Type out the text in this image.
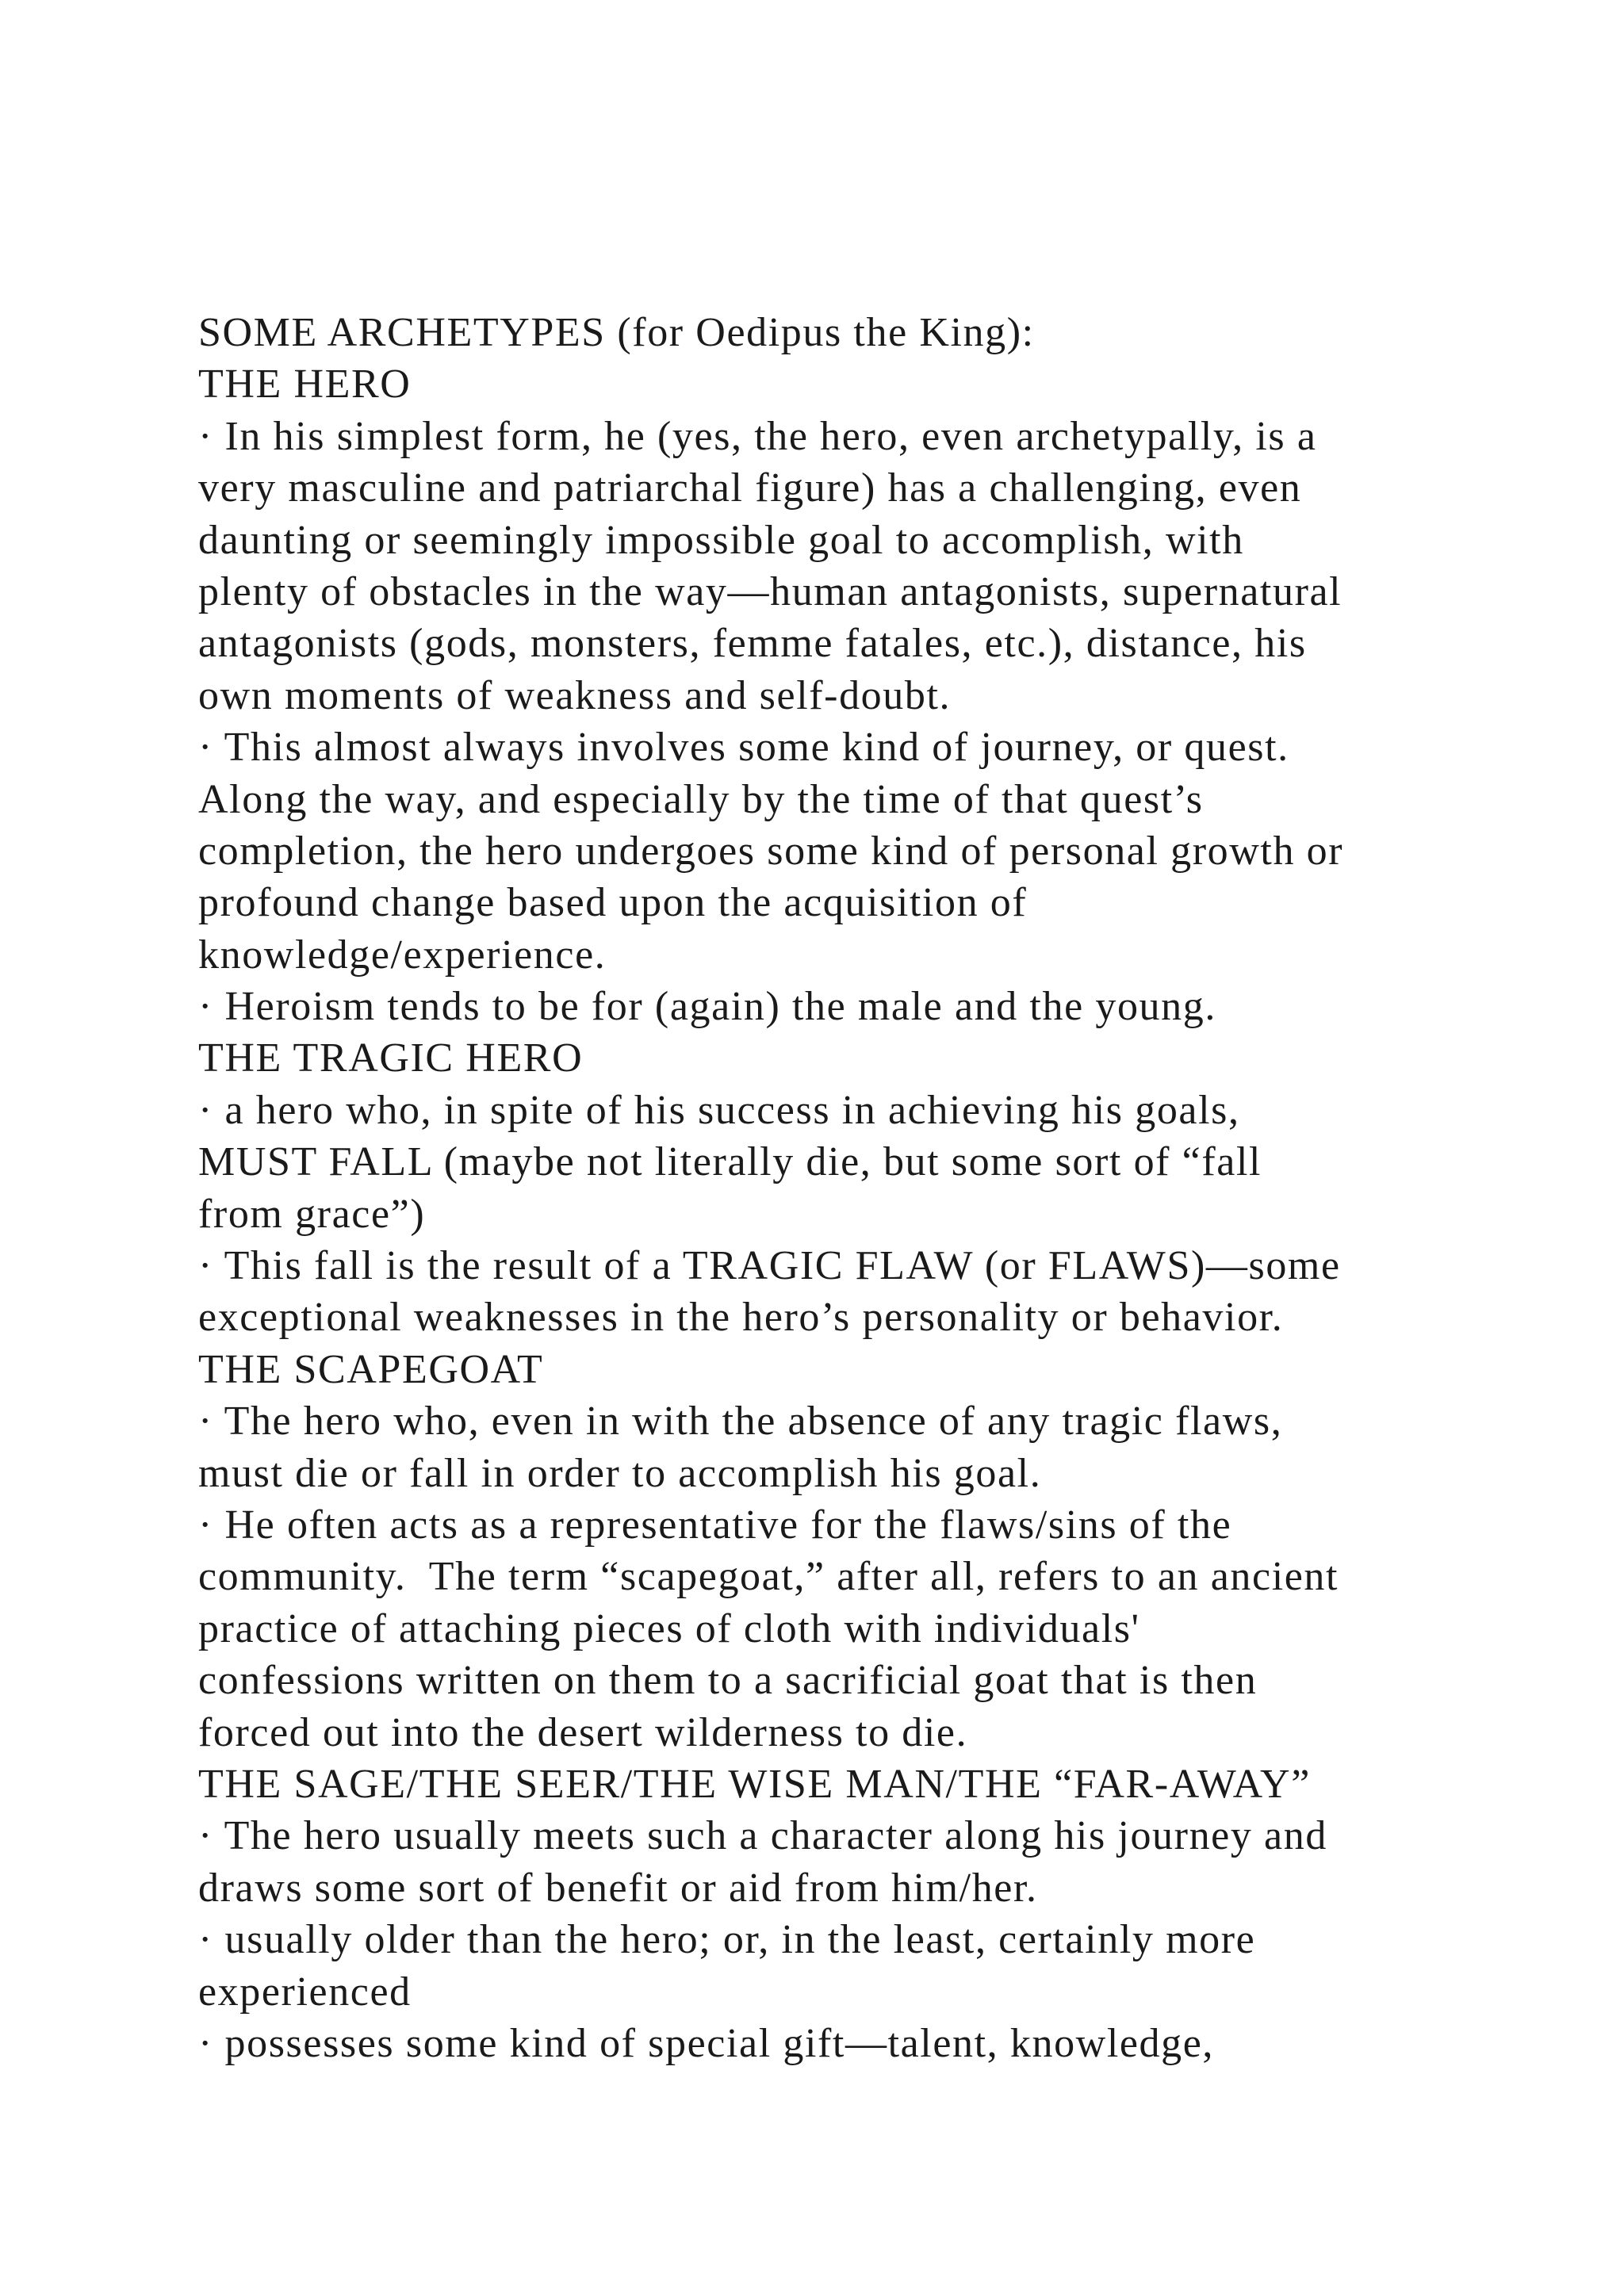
SOME ARCHETYPES (for Oedipus the King):
THE HERO
· In his simplest form, he (yes, the hero, even archetypally, is a
very masculine and patriarchal figure) has a challenging, even
daunting or seemingly impossible goal to accomplish, with
plenty of obstacles in the way—human antagonists, supernatural
antagonists (gods, monsters, femme fatales, etc.), distance, his
own moments of weakness and self-doubt.
· This almost always involves some kind of journey, or quest.
Along the way, and especially by the time of that quest’s
completion, the hero undergoes some kind of personal growth or
profound change based upon the acquisition of
knowledge/experience.
· Heroism tends to be for (again) the male and the young.
THE TRAGIC HERO
· a hero who, in spite of his success in achieving his goals,
MUST FALL (maybe not literally die, but some sort of “fall
from grace”)
· This fall is the result of a TRAGIC FLAW (or FLAWS)—some
exceptional weaknesses in the hero’s personality or behavior.
THE SCAPEGOAT
· The hero who, even in with the absence of any tragic flaws,
must die or fall in order to accomplish his goal.
· He often acts as a representative for the flaws/sins of the
community.  The term “scapegoat,” after all, refers to an ancient
practice of attaching pieces of cloth with individuals'
confessions written on them to a sacrificial goat that is then
forced out into the desert wilderness to die.
THE SAGE/THE SEER/THE WISE MAN/THE “FAR-AWAY”
· The hero usually meets such a character along his journey and
draws some sort of benefit or aid from him/her.
· usually older than the hero; or, in the least, certainly more
experienced
· possesses some kind of special gift—talent, knowledge,
